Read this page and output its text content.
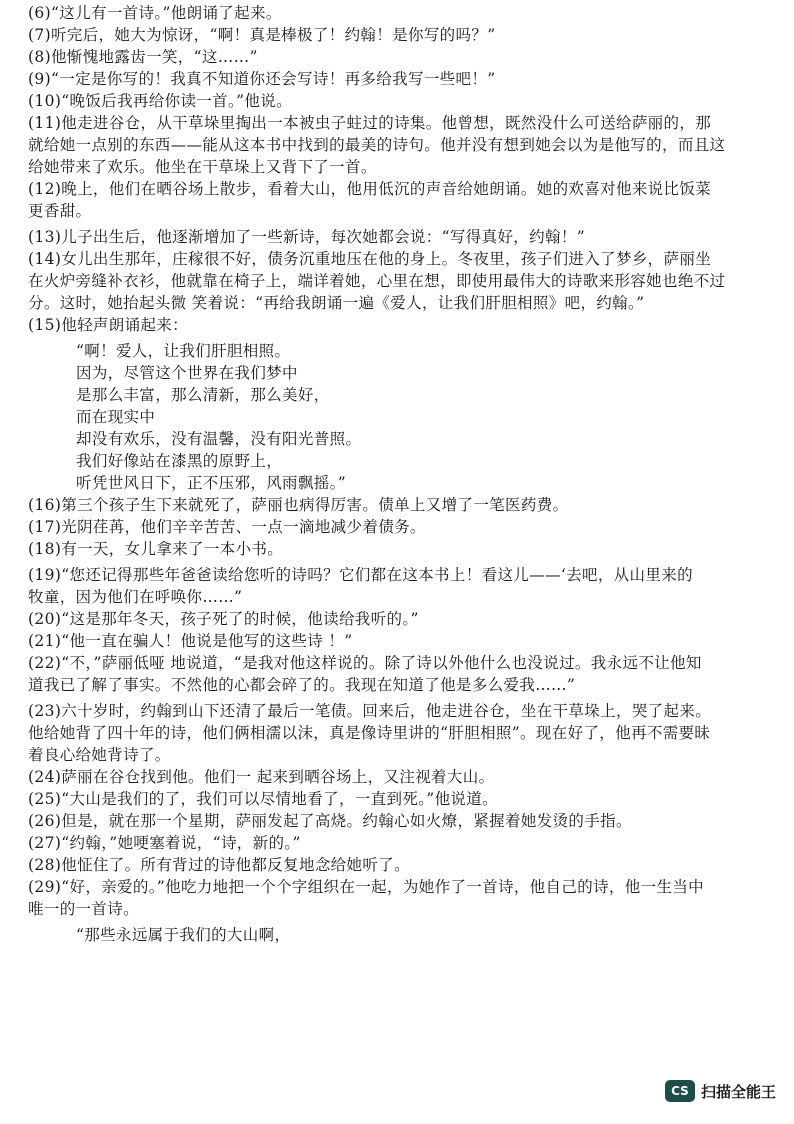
(6)“这儿有一首诗。”他朗诵了起来。
(7)听完后，她大为惊讶，“啊！真是棒极了！约翰！是你写的吗？”
(8)他惭愧地露齿一笑，“这……”
(9)“一定是你写的！我真不知道你还会写诗！再多给我写一些吧！”
(10)“晚饭后我再给你读一首。”他说。
(11)他走进谷仓，从干草垛里掏出一本被虫子蛀过的诗集。他曾想，既然没什么可送给萨丽的，那
就给她一点别的东西——能从这本书中找到的最美的诗句。他并没有想到她会以为是他写的，而且这
给她带来了欢乐。他坐在干草垛上又背下了一首。
(12)晚上，他们在晒谷场上散步，看着大山，他用低沉的声音给她朗诵。她的欢喜对他来说比饭菜
更香甜。
(13)儿子出生后，他逐渐增加了一些新诗，每次她都会说：“写得真好，约翰！”
(14)女儿出生那年，庄稼很不好，债务沉重地压在他的身上。冬夜里，孩子们进入了梦乡，萨丽坐
在火炉旁缝补衣衫，他就靠在椅子上，端详着她，心里在想，即使用最伟大的诗歌来形容她也绝不过
分。这时，她抬起头微 笑着说：“再给我朗诵一遍《爱人，让我们肝胆相照》吧，约翰。”
(15)他轻声朗诵起来：
“啊！爱人，让我们肝胆相照。
因为，尽管这个世界在我们梦中
是那么丰富，那么清新，那么美好，
而在现实中
却没有欢乐，没有温馨，没有阳光普照。
我们好像站在漆黑的原野上，
听凭世风日下，正不压邪，风雨飘摇。”
(16)第三个孩子生下来就死了，萨丽也病得厉害。债单上又增了一笔医药费。
(17)光阴荏苒，他们辛辛苦苦、一点一滴地减少着债务。
(18)有一天，女儿拿来了一本小书。
(19)“您还记得那些年爸爸读给您听的诗吗？它们都在这本书上！看这儿——‘去吧，从山里来的
牧童，因为他们在呼唤你……”
(20)“这是那年冬天，孩子死了的时候，他读给我听的。”
(21)“他一直在骗人！他说是他写的这些诗 ！”
(22)“不，”萨丽低哑 地说道，“是我对他这样说的。除了诗以外他什么也没说过。我永远不让他知
道我已了解了事实。不然他的心都会碎了的。我现在知道了他是多么爱我……”
(23)六十岁时，约翰到山下还清了最后一笔债。回来后，他走进谷仓，坐在干草垛上，哭了起来。
他给她背了四十年的诗，他们俩相濡以沫，真是像诗里讲的“肝胆相照”。现在好了，他再不需要昧
着良心给她背诗了。
(24)萨丽在谷仓找到他。他们一 起来到晒谷场上，又注视着大山。
(25)“大山是我们的了，我们可以尽情地看了，一直到死。”他说道。
(26)但是，就在那一个星期，萨丽发起了高烧。约翰心如火燎，紧握着她发烫的手指。
(27)“约翰，”她哽塞着说，“诗，新的。”
(28)他怔住了。所有背过的诗他都反复地念给她听了。
(29)“好，亲爱的。”他吃力地把一个个字组织在一起，为她作了一首诗，他自己的诗，他一生当中
唯一的一首诗。
“那些永远属于我们的大山啊，
CS 扫描全能王
